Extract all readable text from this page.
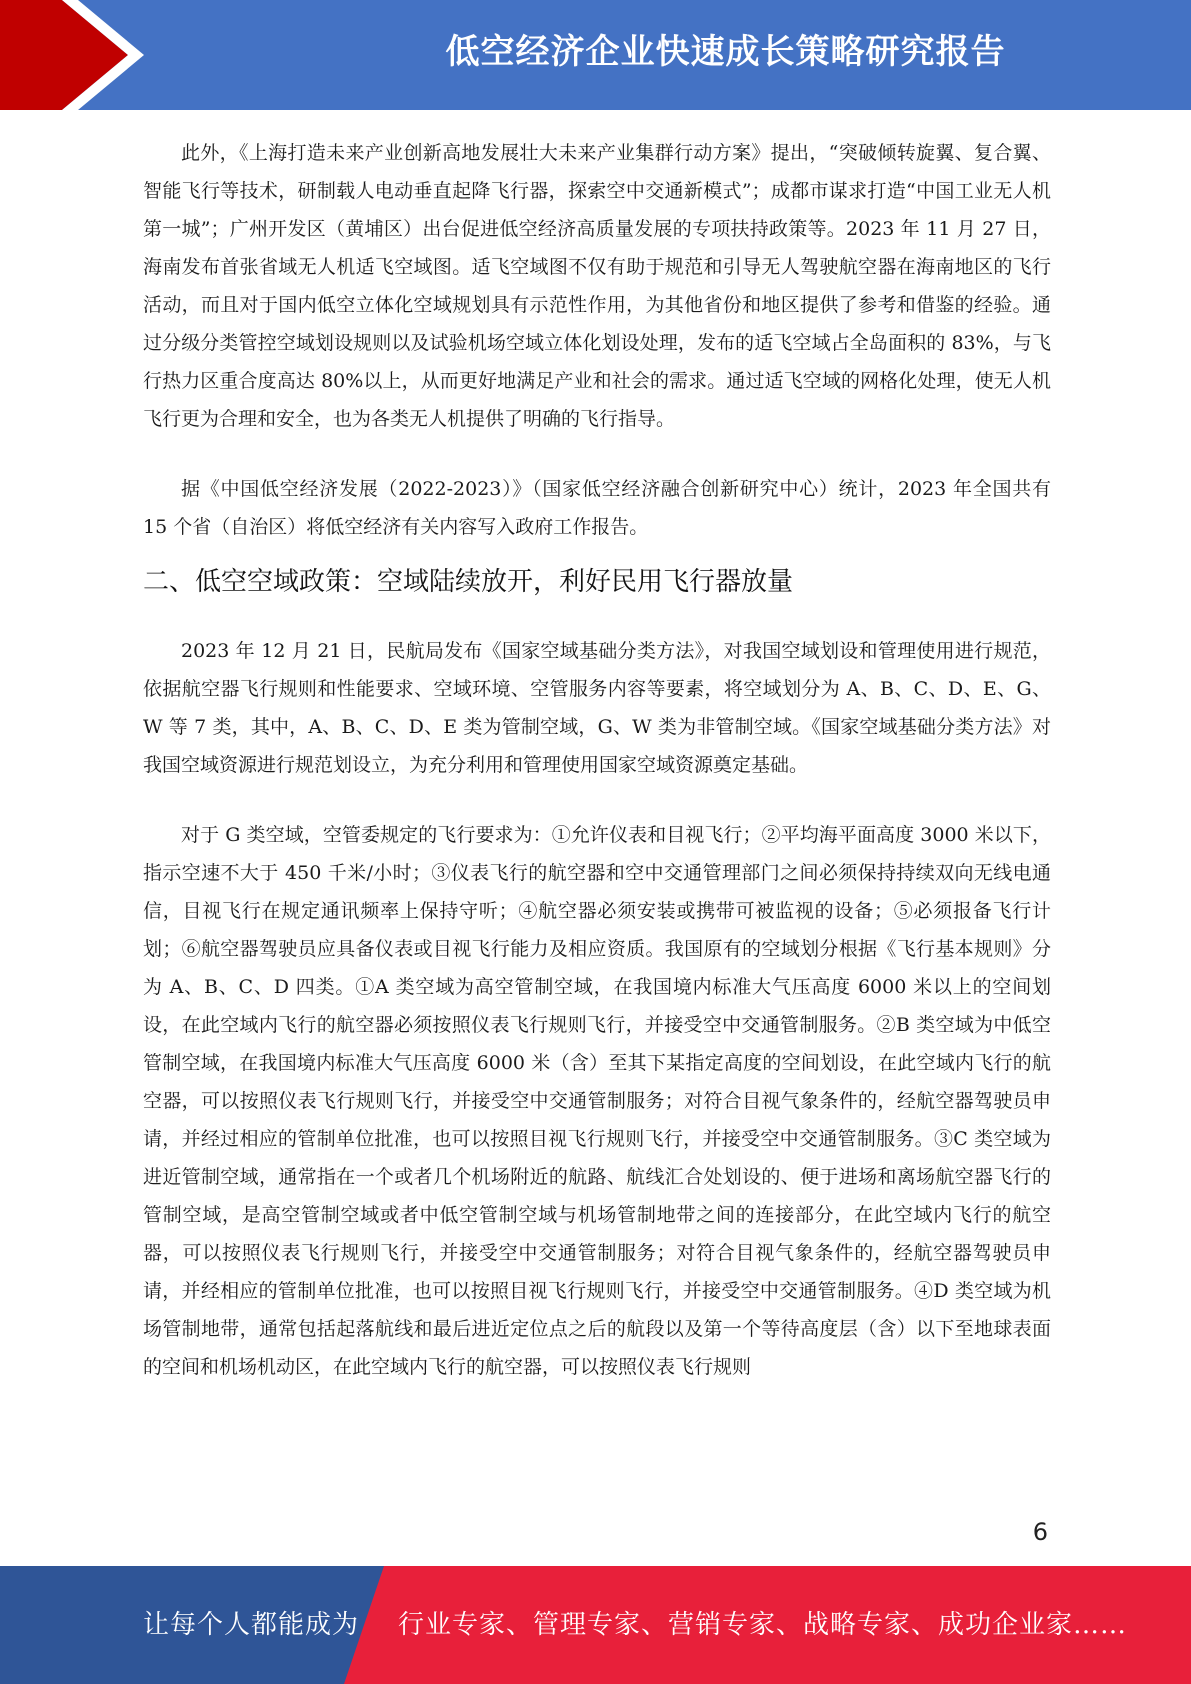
低空经济企业快速成长策略研究报告

此外，《上海打造未来产业创新高地发展壮大未来产业集群行动方案》提出，“突破倾转旋翼、复合翼、智能飞行等技术，研制载人电动垂直起降飞行器，探索空中交通新模式”；成都市谋求打造“中国工业无人机第一城”；广州开发区（黄埔区）出台促进低空经济高质量发展的专项扶持政策等。2023 年 11 月 27 日，海南发布首张省域无人机适飞空域图。适飞空域图不仅有助于规范和引导无人驾驶航空器在海南地区的飞行活动，而且对于国内低空立体化空域规划具有示范性作用，为其他省份和地区提供了参考和借鉴的经验。通过分级分类管控空域划设规则以及试验机场空域立体化划设处理，发布的适飞空域占全岛面积的 83%，与飞行热力区重合度高达 80%以上，从而更好地满足产业和社会的需求。通过适飞空域的网格化处理，使无人机飞行更为合理和安全，也为各类无人机提供了明确的飞行指导。

据《中国低空经济发展（2022-2023）》（国家低空经济融合创新研究中心）统计，2023 年全国共有 15 个省（自治区）将低空经济有关内容写入政府工作报告。

二、低空空域政策：空域陆续放开，利好民用飞行器放量

2023 年 12 月 21 日，民航局发布《国家空域基础分类方法》，对我国空域划设和管理使用进行规范，依据航空器飞行规则和性能要求、空域环境、空管服务内容等要素，将空域划分为 A、B、C、D、E、G、W 等 7 类，其中，A、B、C、D、E 类为管制空域，G、W 类为非管制空域。《国家空域基础分类方法》对我国空域资源进行规范划设立，为充分利用和管理使用国家空域资源奠定基础。

对于 G 类空域，空管委规定的飞行要求为：①允许仪表和目视飞行；②平均海平面高度 3000 米以下，指示空速不大于 450 千米/小时；③仪表飞行的航空器和空中交通管理部门之间必须保持持续双向无线电通信，目视飞行在规定通讯频率上保持守听；④航空器必须安装或携带可被监视的设备；⑤必须报备飞行计划；⑥航空器驾驶员应具备仪表或目视飞行能力及相应资质。我国原有的空域划分根据《飞行基本规则》分为 A、B、C、D 四类。①A 类空域为高空管制空域，在我国境内标准大气压高度 6000 米以上的空间划设，在此空域内飞行的航空器必须按照仪表飞行规则飞行，并接受空中交通管制服务。②B 类空域为中低空管制空域，在我国境内标准大气压高度 6000 米（含）至其下某指定高度的空间划设，在此空域内飞行的航空器，可以按照仪表飞行规则飞行，并接受空中交通管制服务；对符合目视气象条件的，经航空器驾驶员申请，并经过相应的管制单位批准，也可以按照目视飞行规则飞行，并接受空中交通管制服务。③C 类空域为进近管制空域，通常指在一个或者几个机场附近的航路、航线汇合处划设的、便于进场和离场航空器飞行的管制空域，是高空管制空域或者中低空管制空域与机场管制地带之间的连接部分，在此空域内飞行的航空器，可以按照仪表飞行规则飞行，并接受空中交通管制服务；对符合目视气象条件的，经航空器驾驶员申请，并经相应的管制单位批准，也可以按照目视飞行规则飞行，并接受空中交通管制服务。④D 类空域为机场管制地带，通常包括起落航线和最后进近定位点之后的航段以及第一个等待高度层（含）以下至地球表面的空间和机场机动区，在此空域内飞行的航空器，可以按照仪表飞行规则

6
让每个人都能成为 行业专家、管理专家、营销专家、战略专家、成功企业家……
